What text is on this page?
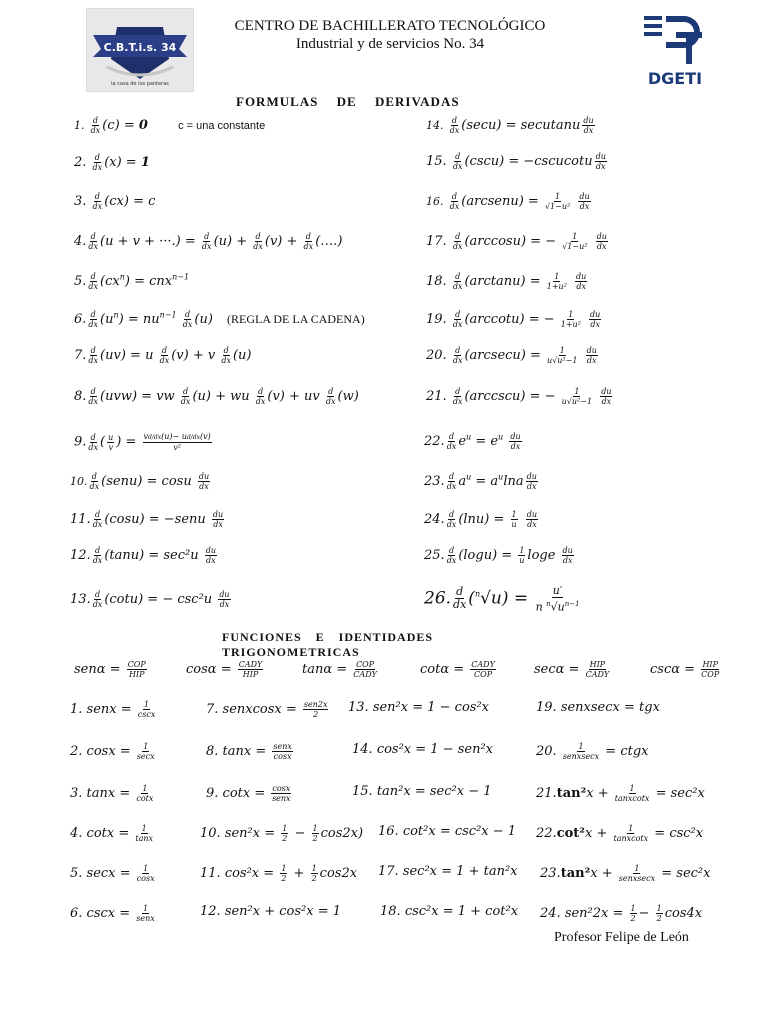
C.B.T.i.s. 34
la casa de los panteras
CENTRO DE BACHILLERATO TECNOLÓGICO
Industrial y de servicios No. 34
DGETI
FORMULAS DE DERIVADAS
1. $\frac{d}{dx} (c) = 0$	c = una constante
2. $\frac{d}{dx} (x) = 1$
3. $\frac{d}{dx} (cx) = c$
4. $\frac{d}{dx} (u + v$ + ···.) = $\frac{d}{dx} (u) + \frac{d}{dx} (v) + \frac{d}{dx}$ (….)
5. $\frac{d}{dx} (cx^n) = cnx^{n-1}$
6. $\frac{d}{dx} (u^n) = nu^{n-1} \frac{d}{dx} (u)$ (REGLA DE LA CADENA)
7. $\frac{d}{dx} (uv) = u \frac{d}{dx} (v) + v \frac{d}{dx} (u)$
8. $\frac{d}{dx} (uvw)$ = vw $\frac{d}{dx} (u)$ + wu $\frac{d}{dx} (v)$ + uv $\frac{d}{dx} (w)$
9. $\frac{d}{dx}$ ( $\frac{u}{v}$ ) = $\frac{vd/dx(u)- ud/dx(v)}{\text{v²}}$
10. $\frac{d}{dx}$ (senu) = cosu $\frac{du}{dx}$
11. $\frac{d}{dx} (\cos u)$ = −senu $\frac{du}{dx}$
12. $\frac{d}{dx} (\tan u) = \sec^2u \frac{du}{dx}$
13. $\frac{d}{dx} (\cot u)$ = − $\csc^2u \frac{du}{dx}$
14. $\frac{d}{dx} (\sec u)$ = secutanu $\frac{du}{dx}$
15. $\frac{d}{dx} (\csc u)$ = −cscucotu $\frac{du}{dx}$
16. $\frac{d}{dx}$ (arcsenu) = $\frac{1}{\text{√1−u²}}$
$\frac{du}{dx}$
17. $\frac{d}{dx} (\arccos u)$ = − $\frac{1}{\text{√1−u²}}$
$\frac{du}{dx}$
18. $\frac{d}{dx} (\arctan u) = \frac{1}{\text{1+u²}}$
$\frac{du}{dx}$
19. $\frac{d}{dx} (arccotu)$ = − $\frac{1}{\text{1+u²}}$
$\frac{du}{dx}$
20. $\frac{d}{dx} (arcsecu) = \frac{1}{\text{u√u²−1}}$
$\frac{du}{dx}$
21. $\frac{d}{dx} (arccscu)$ = − $\frac{1}{\text{u√u²−1}}$
$\frac{du}{dx}$
22. $\frac{d}{dx} e^u = e^u \frac{du}{dx}$
23. $\frac{d}{dx} a^u = a^u\ln a \frac{du}{dx}$
24. $\frac{d}{dx} (\ln u) = \frac{1}{u}$
$\frac{du}{dx}$
25. $\frac{d}{dx} (\log u) = \frac{1}{u}$ loge $\frac{du}{dx}$
26. $\frac{d}{dx} (^n√u) = \frac{u'}{n ^n√u^{n-1}}$
FUNCIONES E IDENTIDADES TRIGONOMETRICAS
$sen\alpha = \frac{\text{COP}}{\text{HIP}}$	$\cos\alpha = \frac{\text{CADY}}{\text{HIP}}$	$\tan\alpha = \frac{\text{COP}}{\text{CADY}}$	$\cot\alpha = \frac{\text{CADY}}{\text{COP}}$	$\sec\alpha = \frac{\text{HIP}}{\text{CADY}}$	$\csc\alpha = \frac{\text{HIP}}{\text{COP}}$
1. senx = $\frac{1}{\csc x}$
2. $\cos x = \frac{1}{\sec x}$
3. $\tan x = \frac{1}{\cot x}$
4. $\cot x = \frac{1}{\tan x}$
5. $\sec x = \frac{1}{\cos x}$
6. $\csc x = \frac{1}{\text{senx}}$
7. senxcosx = $\frac{\text{sen2x}}{2}$
8. $\tan x = \frac{\text{senx}}{\cos x}$
9. $\cot x = \frac{\cos x}{\text{senx}}$
10. $sen^2x = \frac{1}{2} - \frac{1}{2} \cos 2x$)
11. $\cos^2x = \frac{1}{2} + \frac{1}{2} \cos 2x$
12. sen²x + cos²x = 1
13. sen²x = 1 − cos²x
14. cos²x = 1 − sen²x
15. tan²x = sec²x − 1
16. cot²x = csc²x − 1
17. sec²x = 1 + tan²x
18. csc²x = 1 + cot²x
19. senxsecx = tgx
20. $\frac{1}{\text{senxsecx}}$ = ctgx
$21.\tan^2x + \frac{1}{\text{tanxcotx}} = \sec^2x$
$22.\cot^2x + \frac{1}{\text{tanxcotx}} = \csc^2x$
$23.\tan^2x + \frac{1}{\text{senxsecx}} = \sec^2x$
24. $sen^22x = \frac{1}{2} - \frac{1}{2} \cos 4x$
Profesor Felipe de León
